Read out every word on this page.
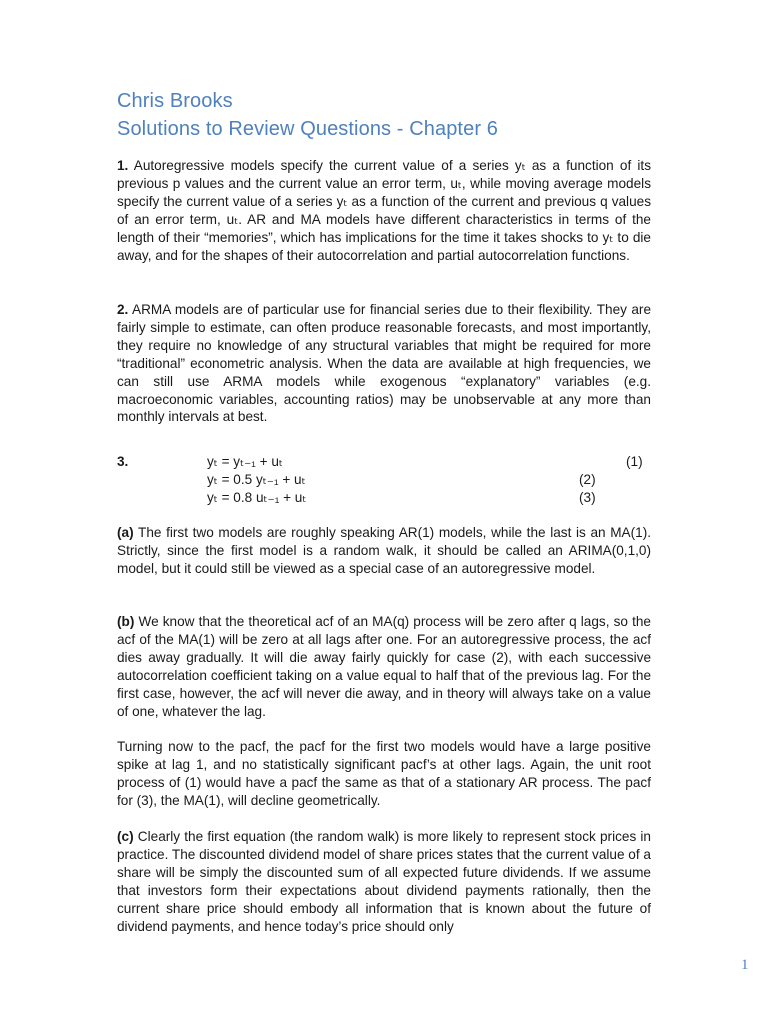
Chris Brooks
Solutions to Review Questions - Chapter 6

1. Autoregressive models specify the current value of a series yₜ as a function of its previous p values and the current value an error term, uₜ, while moving average models specify the current value of a series yₜ as a function of the current and previous q values of an error term, uₜ. AR and MA models have different characteristics in terms of the length of their “memories”, which has implications for the time it takes shocks to yₜ to die away, and for the shapes of their autocorrelation and partial autocorrelation functions.

2. ARMA models are of particular use for financial series due to their flexibility. They are fairly simple to estimate, can often produce reasonable forecasts, and most importantly, they require no knowledge of any structural variables that might be required for more “traditional” econometric analysis. When the data are available at high frequencies, we can still use ARMA models while exogenous “explanatory” variables (e.g. macroeconomic variables, accounting ratios) may be unobservable at any more than monthly intervals at best.

3.	yₜ = yₜ₋₁ + uₜ	(1)
yₜ = 0.5 yₜ₋₁ + uₜ	(2)
yₜ = 0.8 uₜ₋₁ + uₜ	(3)

(a) The first two models are roughly speaking AR(1) models, while the last is an MA(1). Strictly, since the first model is a random walk, it should be called an ARIMA(0,1,0) model, but it could still be viewed as a special case of an autoregressive model.

(b) We know that the theoretical acf of an MA(q) process will be zero after q lags, so the acf of the MA(1) will be zero at all lags after one. For an autoregressive process, the acf dies away gradually. It will die away fairly quickly for case (2), with each successive autocorrelation coefficient taking on a value equal to half that of the previous lag. For the first case, however, the acf will never die away, and in theory will always take on a value of one, whatever the lag.

Turning now to the pacf, the pacf for the first two models would have a large positive spike at lag 1, and no statistically significant pacf’s at other lags. Again, the unit root process of (1) would have a pacf the same as that of a stationary AR process. The pacf for (3), the MA(1), will decline geometrically.

(c) Clearly the first equation (the random walk) is more likely to represent stock prices in practice. The discounted dividend model of share prices states that the current value of a share will be simply the discounted sum of all expected future dividends. If we assume that investors form their expectations about dividend payments rationally, then the current share price should embody all information that is known about the future of dividend payments, and hence today’s price should only

1
